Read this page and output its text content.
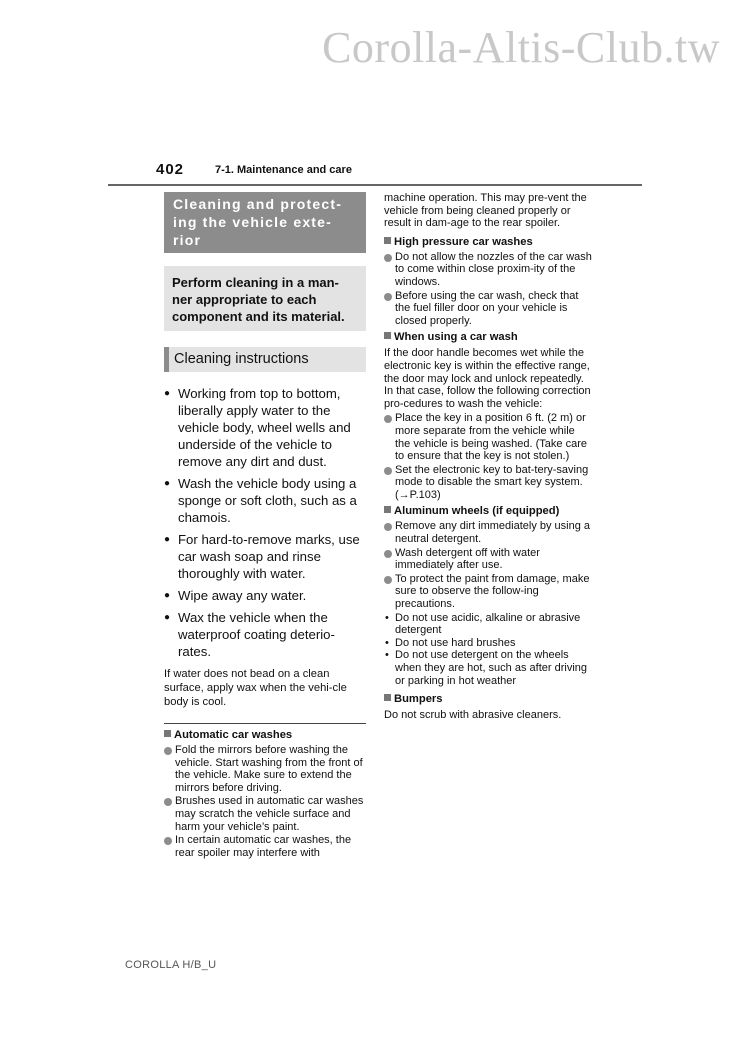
Corolla-Altis-Club.tw
402	7-1. Maintenance and care
Cleaning and protect-
ing the vehicle exte-
rior
Perform cleaning in a man-
ner appropriate to each
component and its material.
Cleaning instructions
● Working from top to bottom, liberally apply water to the vehicle body, wheel wells and underside of the vehicle to remove any dirt and dust.
● Wash the vehicle body using a sponge or soft cloth, such as a chamois.
● For hard-to-remove marks, use car wash soap and rinse thoroughly with water.
● Wipe away any water.
● Wax the vehicle when the waterproof coating deterio-rates.
If water does not bead on a clean surface, apply wax when the vehi-cle body is cool.
Automatic car washes
Fold the mirrors before washing the vehicle. Start washing from the front of the vehicle. Make sure to extend the mirrors before driving.
Brushes used in automatic car washes may scratch the vehicle surface and harm your vehicle’s paint.
In certain automatic car washes, the rear spoiler may interfere with
machine operation. This may pre-vent the vehicle from being cleaned properly or result in dam-age to the rear spoiler.
High pressure car washes
Do not allow the nozzles of the car wash to come within close proxim-ity of the windows.
Before using the car wash, check that the fuel filler door on your vehicle is closed properly.
When using a car wash
If the door handle becomes wet while the electronic key is within the effective range, the door may lock and unlock repeatedly. In that case, follow the following correction pro-cedures to wash the vehicle:
Place the key in a position 6 ft. (2 m) or more separate from the vehicle while the vehicle is being washed. (Take care to ensure that the key is not stolen.)
Set the electronic key to bat-tery-saving mode to disable the smart key system. (→P.103)
Aluminum wheels (if equipped)
Remove any dirt immediately by using a neutral detergent.
Wash detergent off with water immediately after use.
To protect the paint from damage, make sure to observe the follow-ing precautions.
• Do not use acidic, alkaline or abrasive detergent
• Do not use hard brushes
• Do not use detergent on the wheels when they are hot, such as after driving or parking in hot weather
Bumpers
Do not scrub with abrasive cleaners.
COROLLA H/B_U
